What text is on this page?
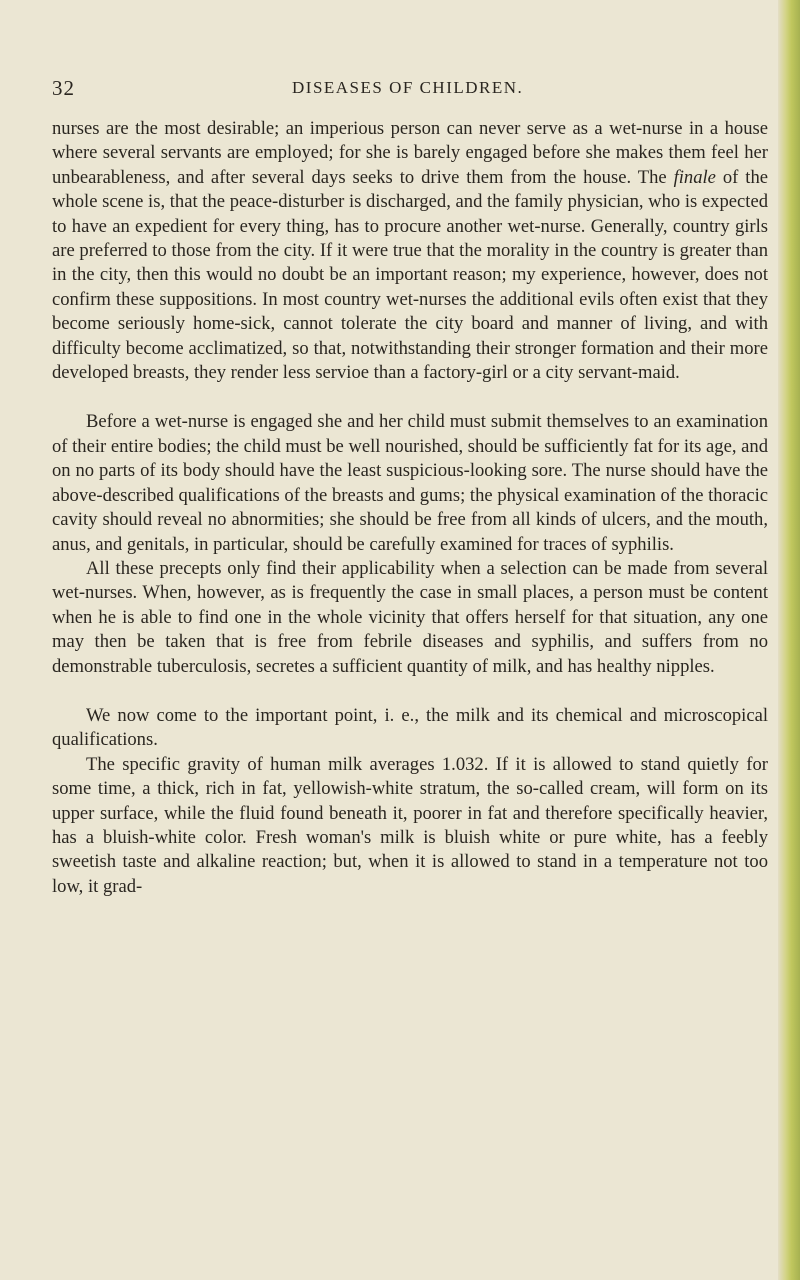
32	DISEASES OF CHILDREN.

nurses are the most desirable; an imperious person can never serve as a wet-nurse in a house where several servants are employed; for she is barely engaged before she makes them feel her unbearableness, and after several days seeks to drive them from the house. The finale of the whole scene is, that the peace-disturber is discharged, and the family physician, who is expected to have an expedient for every thing, has to procure another wet-nurse. Generally, country girls are preferred to those from the city. If it were true that the morality in the country is greater than in the city, then this would no doubt be an important reason; my experience, however, does not confirm these suppositions. In most country wet-nurses the additional evils often exist that they become seriously home-sick, cannot tolerate the city board and manner of living, and with difficulty become acclimatized, so that, notwithstanding their stronger formation and their more developed breasts, they render less servioe than a factory-girl or a city servant-maid.

Before a wet-nurse is engaged she and her child must submit themselves to an examination of their entire bodies; the child must be well nourished, should be sufficiently fat for its age, and on no parts of its body should have the least suspicious-looking sore. The nurse should have the above-described qualifications of the breasts and gums; the physical examination of the thoracic cavity should reveal no abnormities; she should be free from all kinds of ulcers, and the mouth, anus, and genitals, in particular, should be carefully examined for traces of syphilis.

All these precepts only find their applicability when a selection can be made from several wet-nurses. When, however, as is frequently the case in small places, a person must be content when he is able to find one in the whole vicinity that offers herself for that situation, any one may then be taken that is free from febrile diseases and syphilis, and suffers from no demonstrable tuberculosis, secretes a sufficient quantity of milk, and has healthy nipples.

We now come to the important point, i. e., the milk and its chemical and microscopical qualifications.

The specific gravity of human milk averages 1.032. If it is allowed to stand quietly for some time, a thick, rich in fat, yellowish-white stratum, the so-called cream, will form on its upper surface, while the fluid found beneath it, poorer in fat and therefore specifically heavier, has a bluish-white color. Fresh woman's milk is bluish white or pure white, has a feebly sweetish taste and alkaline reaction; but, when it is allowed to stand in a temperature not too low, it grad-
